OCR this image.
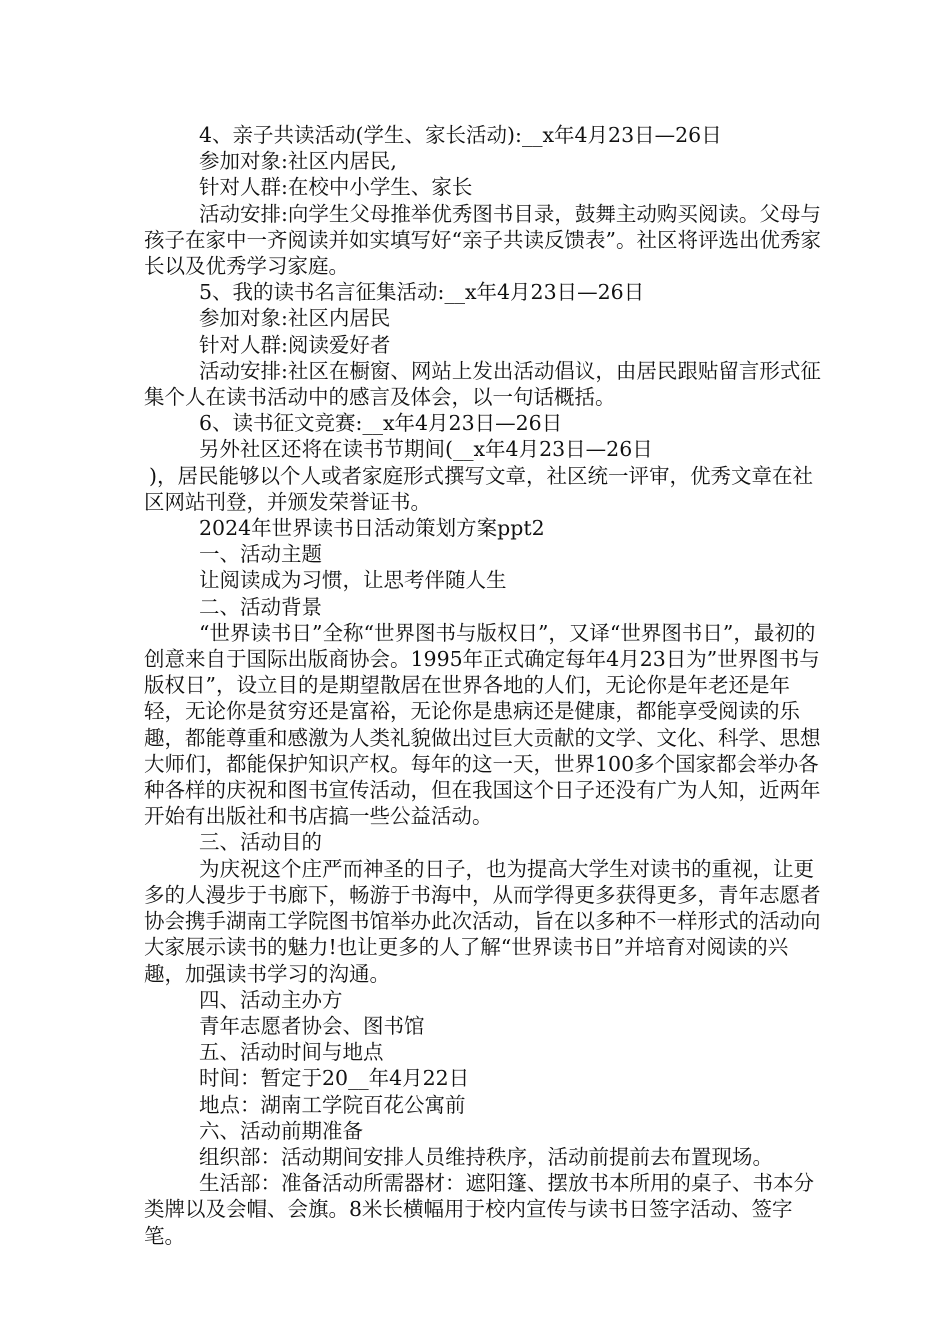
4、亲子共读活动(学生、家长活动):__x年4月23日—26日

参加对象:社区内居民,

针对人群:在校中小学生、家长

活动安排:向学生父母推举优秀图书目录，鼓舞主动购买阅读。父母与孩子在家中一齐阅读并如实填写好“亲子共读反馈表”。社区将评选出优秀家长以及优秀学习家庭。

5、我的读书名言征集活动:__x年4月23日—26日

参加对象:社区内居民

针对人群:阅读爱好者

活动安排:社区在橱窗、网站上发出活动倡议，由居民跟贴留言形式征集个人在读书活动中的感言及体会，以一句话概括。

6、读书征文竞赛:__x年4月23日—26日

另外社区还将在读书节期间(__x年4月23日—26日

)，居民能够以个人或者家庭形式撰写文章，社区统一评审，优秀文章在社区网站刊登，并颁发荣誉证书。

2024年世界读书日活动策划方案ppt2

一、活动主题

让阅读成为习惯，让思考伴随人生

二、活动背景

“世界读书日”全称“世界图书与版权日”，又译“世界图书日”，最初的创意来自于国际出版商协会。1995年正式确定每年4月23日为”世界图书与版权日”，设立目的是期望散居在世界各地的人们，无论你是年老还是年轻，无论你是贫穷还是富裕，无论你是患病还是健康，都能享受阅读的乐趣，都能尊重和感激为人类礼貌做出过巨大贡献的文学、文化、科学、思想大师们，都能保护知识产权。每年的这一天，世界100多个国家都会举办各种各样的庆祝和图书宣传活动，但在我国这个日子还没有广为人知，近两年开始有出版社和书店搞一些公益活动。

三、活动目的

为庆祝这个庄严而神圣的日子，也为提高大学生对读书的重视，让更多的人漫步于书廊下，畅游于书海中，从而学得更多获得更多，青年志愿者协会携手湖南工学院图书馆举办此次活动，旨在以多种不一样形式的活动向大家展示读书的魅力!也让更多的人了解“世界读书日”并培育对阅读的兴趣，加强读书学习的沟通。

四、活动主办方

青年志愿者协会、图书馆

五、活动时间与地点

时间：暂定于20__年4月22日

地点：湖南工学院百花公寓前

六、活动前期准备

组织部：活动期间安排人员维持秩序，活动前提前去布置现场。

生活部：准备活动所需器材：遮阳篷、摆放书本所用的桌子、书本分类牌以及会帽、会旗。8米长横幅用于校内宣传与读书日签字活动、签字笔。
